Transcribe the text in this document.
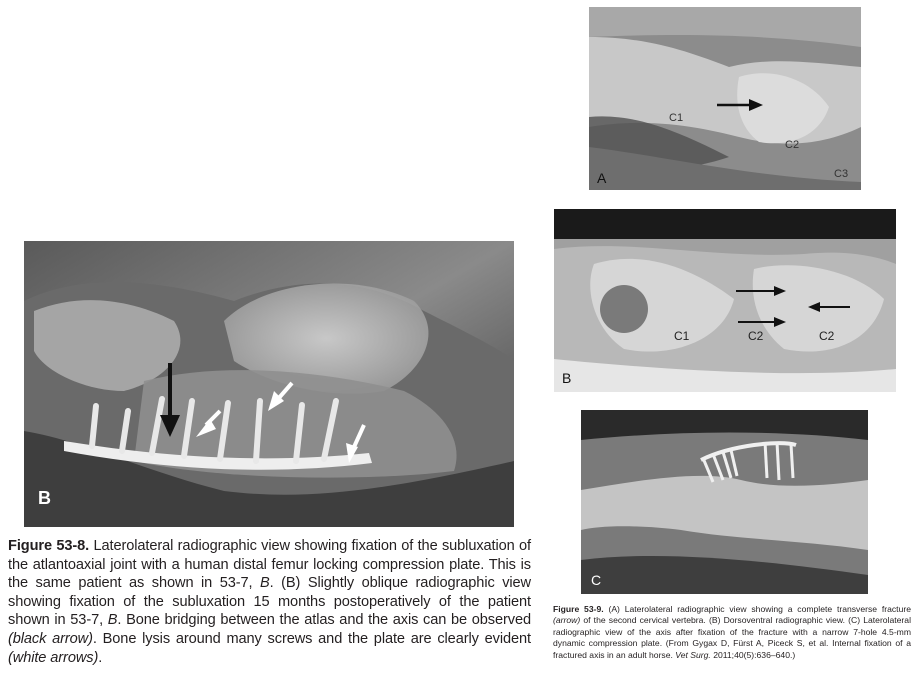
B
C1
C2
C3
A
C1	C2	C2
B
C
Figure 53-8. Laterolateral radiographic view showing fixation of the subluxation of the atlantoaxial joint with a human distal femur locking compression plate. This is the same patient as shown in 53-7, B. (B) Slightly oblique radiographic view showing fixation of the subluxation 15 months postoperatively of the patient shown in 53-7, B. Bone bridging between the atlas and the axis can be observed (black arrow). Bone lysis around many screws and the plate are clearly evident (white arrows).
Figure 53-9. (A) Laterolateral radiographic view showing a complete transverse fracture (arrow) of the second cervical vertebra. (B) Dorsoventral radiographic view. (C) Laterolateral radiographic view of the axis after fixation of the fracture with a narrow 7-hole 4.5-mm dynamic compression plate. (From Gygax D, Fürst A, Piceck S, et al. Internal fixation of a fractured axis in an adult horse. Vet Surg. 2011;40(5):636–640.)
